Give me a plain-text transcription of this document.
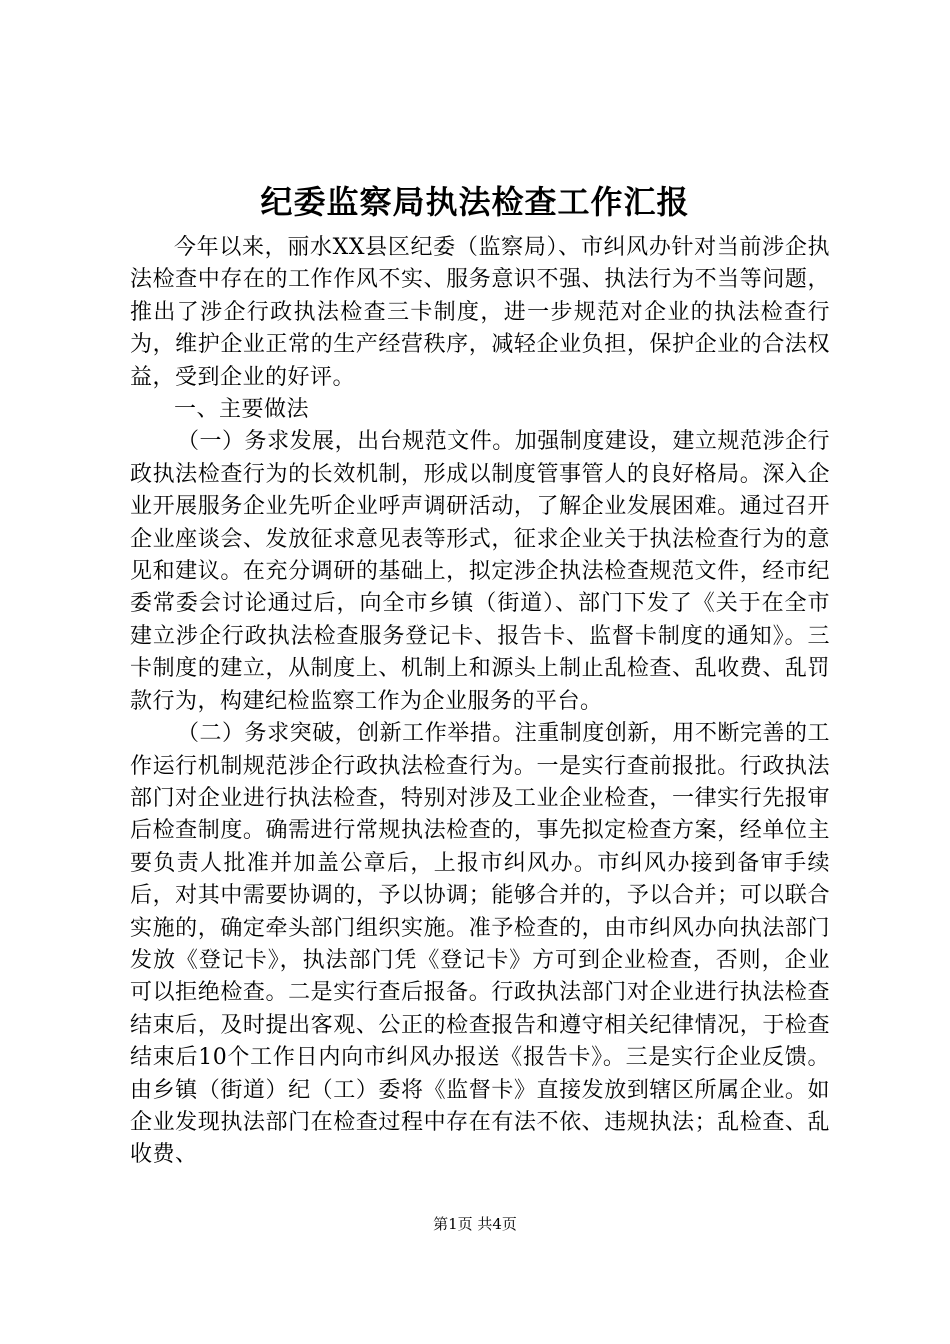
纪委监察局执法检查工作汇报

今年以来，丽水XX县区纪委（监察局）、市纠风办针对当前涉企执法检查中存在的工作作风不实、服务意识不强、执法行为不当等问题，推出了涉企行政执法检查三卡制度，进一步规范对企业的执法检查行为，维护企业正常的生产经营秩序，减轻企业负担，保护企业的合法权益，受到企业的好评。

一、主要做法

（一）务求发展，出台规范文件。加强制度建设，建立规范涉企行政执法检查行为的长效机制，形成以制度管事管人的良好格局。深入企业开展服务企业先听企业呼声调研活动，了解企业发展困难。通过召开企业座谈会、发放征求意见表等形式，征求企业关于执法检查行为的意见和建议。在充分调研的基础上，拟定涉企执法检查规范文件，经市纪委常委会讨论通过后，向全市乡镇（街道）、部门下发了《关于在全市建立涉企行政执法检查服务登记卡、报告卡、监督卡制度的通知》。三卡制度的建立，从制度上、机制上和源头上制止乱检查、乱收费、乱罚款行为，构建纪检监察工作为企业服务的平台。

（二）务求突破，创新工作举措。注重制度创新，用不断完善的工作运行机制规范涉企行政执法检查行为。一是实行查前报批。行政执法部门对企业进行执法检查，特别对涉及工业企业检查，一律实行先报审后检查制度。确需进行常规执法检查的，事先拟定检查方案，经单位主要负责人批准并加盖公章后，上报市纠风办。市纠风办接到备审手续后，对其中需要协调的，予以协调；能够合并的，予以合并；可以联合实施的，确定牵头部门组织实施。准予检查的，由市纠风办向执法部门发放《登记卡》，执法部门凭《登记卡》方可到企业检查，否则，企业可以拒绝检查。二是实行查后报备。行政执法部门对企业进行执法检查结束后，及时提出客观、公正的检查报告和遵守相关纪律情况，于检查结束后10个工作日内向市纠风办报送《报告卡》。三是实行企业反馈。由乡镇（街道）纪（工）委将《监督卡》直接发放到辖区所属企业。如企业发现执法部门在检查过程中存在有法不依、违规执法；乱检查、乱收费、

第1页 共4页
